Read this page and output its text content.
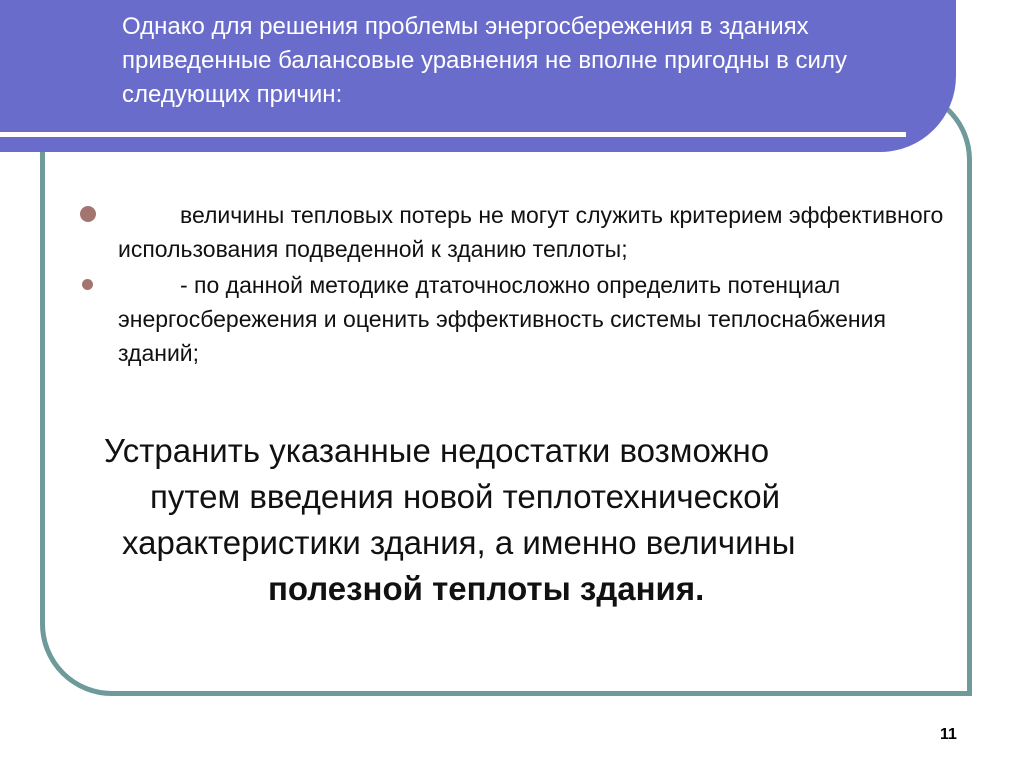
Однако для решения проблемы энергосбережения в зданиях приведенные балансовые уравнения не вполне пригодны в силу следующих причин:
величины тепловых потерь не могут служить критерием эффективного использования подведенной к зданию теплоты;
- по данной методике дтаточносложно определить потенциал энергосбережения и оценить эффективность системы теплоснабжения зданий;

Устранить указанные недостатки возможно
путем введения новой теплотехнической
характеристики здания, а именно величины
полезной теплоты здания.

11
